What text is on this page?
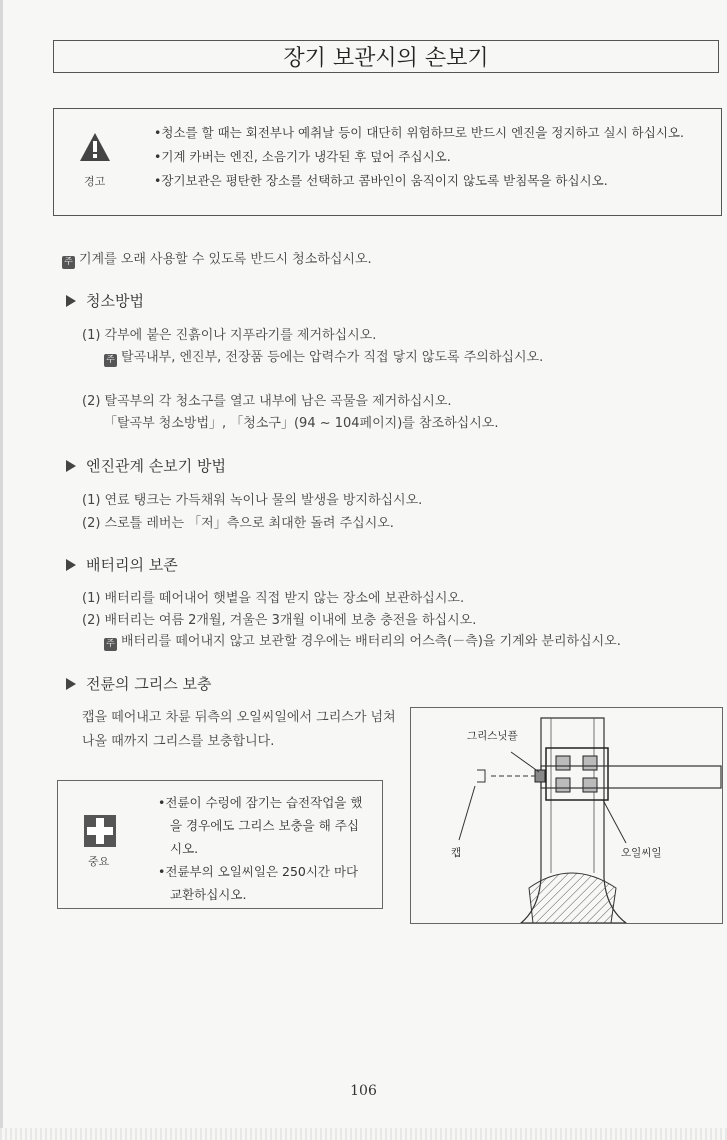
장기 보관시의 손보기
경고
•청소를 할 때는 회전부나 예취날 등이 대단히 위험하므로 반드시 엔진을 정지하고 실시 하십시오.
•기계 카버는 엔진, 소음기가 냉각된 후 덮어 주십시오.
•장기보관은 평탄한 장소를 선택하고 콤바인이 움직이지 않도록 받침목을 하십시오.
주 기계를 오래 사용할 수 있도록 반드시 청소하십시오.
청소방법
(1) 각부에 붙은 진흙이나 지푸라기를 제거하십시오.
주 탈곡내부, 엔진부, 전장품 등에는 압력수가 직접 닿지 않도록 주의하십시오.
(2) 탈곡부의 각 청소구를 열고 내부에 남은 곡물을 제거하십시오.
「탈곡부 청소방법」, 「청소구」(94 ~ 104페이지)를 참조하십시오.
엔진관계 손보기 방법
(1) 연료 탱크는 가득채워 녹이나 물의 발생을 방지하십시오.
(2) 스로틀 레버는 「저」측으로 최대한 돌려 주십시오.
배터리의 보존
(1) 배터리를 떼어내어 햇볕을 직접 받지 않는 장소에 보관하십시오.
(2) 배터리는 여름 2개월, 겨울은 3개월 이내에 보충 충전을 하십시오.
주 배터리를 떼어내지 않고 보관할 경우에는 배터리의 어스측(－측)을 기계와 분리하십시오.
전륜의 그리스 보충
캡을 떼어내고 차륜 뒤측의 오일씨일에서 그리스가 넘쳐 나올 때까지 그리스를 보충합니다.
중요
•전륜이 수렁에 잠기는 습전작업을 했을 경우에도 그리스 보충을 해 주십시오.
•전륜부의 오일씨일은 250시간 마다 교환하십시오.
그리스닛플
캡	오일씨일
106
